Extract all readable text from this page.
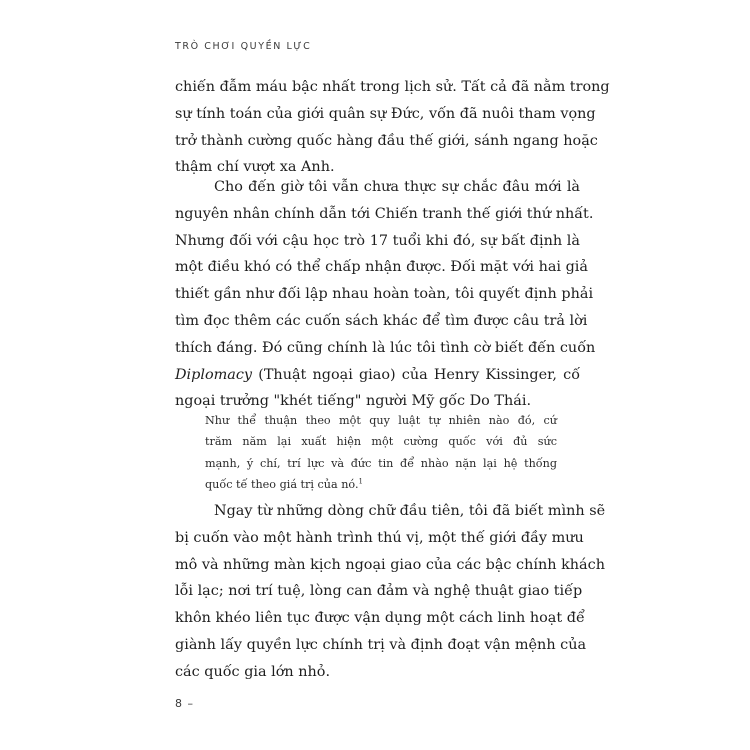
TRÒ CHƠI QUYỀN LỰC
chiến đẫm máu bậc nhất trong lịch sử. Tất cả đã nằm trong
sự tính toán của giới quân sự Đức, vốn đã nuôi tham vọng
trở thành cường quốc hàng đầu thế giới, sánh ngang hoặc
thậm chí vượt xa Anh.
Cho đến giờ tôi vẫn chưa thực sự chắc đâu mới là
nguyên nhân chính dẫn tới Chiến tranh thế giới thứ nhất.
Nhưng đối với cậu học trò 17 tuổi khi đó, sự bất định là
một điều khó có thể chấp nhận được. Đối mặt với hai giả
thiết gần như đối lập nhau hoàn toàn, tôi quyết định phải
tìm đọc thêm các cuốn sách khác để tìm được câu trả lời
thích đáng. Đó cũng chính là lúc tôi tình cờ biết đến cuốn
Diplomacy (Thuật ngoại giao) của Henry Kissinger, cố
ngoại trưởng "khét tiếng" người Mỹ gốc Do Thái.
Như thể thuận theo một quy luật tự nhiên nào đó, cứ
trăm năm lại xuất hiện một cường quốc với đủ sức
mạnh, ý chí, trí lực và đức tin để nhào nặn lại hệ thống
quốc tế theo giá trị của nó.$^1$
Ngay từ những dòng chữ đầu tiên, tôi đã biết mình sẽ
bị cuốn vào một hành trình thú vị, một thế giới đầy mưu
mô và những màn kịch ngoại giao của các bậc chính khách
lỗi lạc; nơi trí tuệ, lòng can đảm và nghệ thuật giao tiếp
khôn khéo liên tục được vận dụng một cách linh hoạt để
giành lấy quyền lực chính trị và định đoạt vận mệnh của
các quốc gia lớn nhỏ.
8 –
